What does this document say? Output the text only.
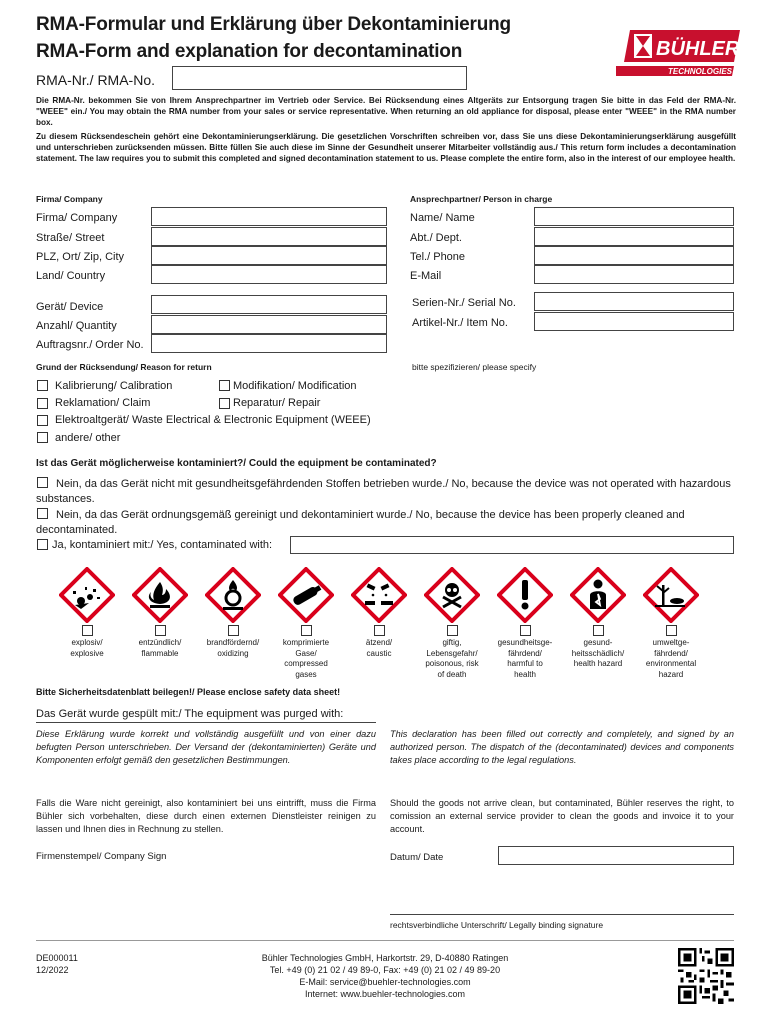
RMA-Formular und Erklärung über Dekontaminierung
RMA-Form and explanation for decontamination
RMA-Nr./ RMA-No.
BÜHLER
TECHNOLOGIES
Die RMA-Nr. bekommen Sie von Ihrem Ansprechpartner im Vertrieb oder Service. Bei Rücksendung eines Altgeräts zur Entsorgung tragen Sie bitte in das Feld der RMA-Nr. "WEEE" ein./ You may obtain the RMA number from your sales or service representative. When returning an old appliance for disposal, please enter "WEEE" in the RMA number box.
Zu diesem Rücksendeschein gehört eine Dekontaminierungserklärung. Die gesetzlichen Vorschriften schreiben vor, dass Sie uns diese Dekontaminierungserklärung ausgefüllt und unterschrieben zurücksenden müssen. Bitte füllen Sie auch diese im Sinne der Gesundheit unserer Mitarbeiter vollständig aus./ This return form includes a decontamination statement. The law requires you to submit this completed and signed decontamination statement to us. Please complete the entire form, also in the interest of our employee health.
Firma/ Company	Ansprechpartner/ Person in charge
Firma/ Company
Straße/ Street
PLZ, Ort/ Zip, City
Land/ Country
Name/ Name
Abt./ Dept.
Tel./ Phone
E-Mail
Gerät/ Device
Anzahl/ Quantity
Auftragsnr./ Order No.
Serien-Nr./ Serial No.
Artikel-Nr./ Item No.
Grund der Rücksendung/ Reason for return	bitte spezifizieren/ please specify
Kalibrierung/ Calibration	Modifikation/ Modification
Reklamation/ Claim	Reparatur/ Repair
Elektroaltgerät/ Waste Electrical & Electronic Equipment (WEEE)
andere/ other
Ist das Gerät möglicherweise kontaminiert?/ Could the equipment be contaminated?
Nein, da das Gerät nicht mit gesundheitsgefährdenden Stoffen betrieben wurde./ No, because the device was not operated with hazardous substances.
Nein, da das Gerät ordnungsgemäß gereinigt und dekontaminiert wurde./ No, because the device has been properly cleaned and decontaminated.
Ja, kontaminiert mit:/ Yes, contaminated with:
explosiv/
explosive
entzündlich/
flammable
brandfördernd/
oxidizing
komprimierte
Gase/
compressed
gases
ätzend/
caustic
giftig,
Lebensgefahr/
poisonous, risk
of death
gesundheitsge-
fährdend/
harmful to
health
gesund-
heitsschädlich/
health hazard
umweltge-
fährdend/
environmental
hazard
Bitte Sicherheitsdatenblatt beilegen!/ Please enclose safety data sheet!
Das Gerät wurde gespült mit:/ The equipment was purged with:
Diese Erklärung wurde korrekt und vollständig ausgefüllt und von einer dazu befugten Person unterschrieben. Der Versand der (dekontaminierten) Geräte und Komponenten erfolgt gemäß den gesetzlichen Bestimmungen.
This declaration has been filled out correctly and completely, and signed by an authorized person. The dispatch of the (decontaminated) devices and components takes place according to the legal regulations.
Falls die Ware nicht gereinigt, also kontaminiert bei uns eintrifft, muss die Firma Bühler sich vorbehalten, diese durch einen externen Dienstleister reinigen zu lassen und Ihnen dies in Rechnung zu stellen.
Should the goods not arrive clean, but contaminated, Bühler reserves the right, to comission an external service provider to clean the goods and invoice it to your account.
Firmenstempel/ Company Sign	Datum/ Date
rechtsverbindliche Unterschrift/ Legally binding signature
DE000011
12/2022
Bühler Technologies GmbH, Harkortstr. 29, D-40880 Ratingen
Tel. +49 (0) 21 02 / 49 89-0, Fax: +49 (0) 21 02 / 49 89-20
E-Mail: service@buehler-technologies.com
Internet: www.buehler-technologies.com
